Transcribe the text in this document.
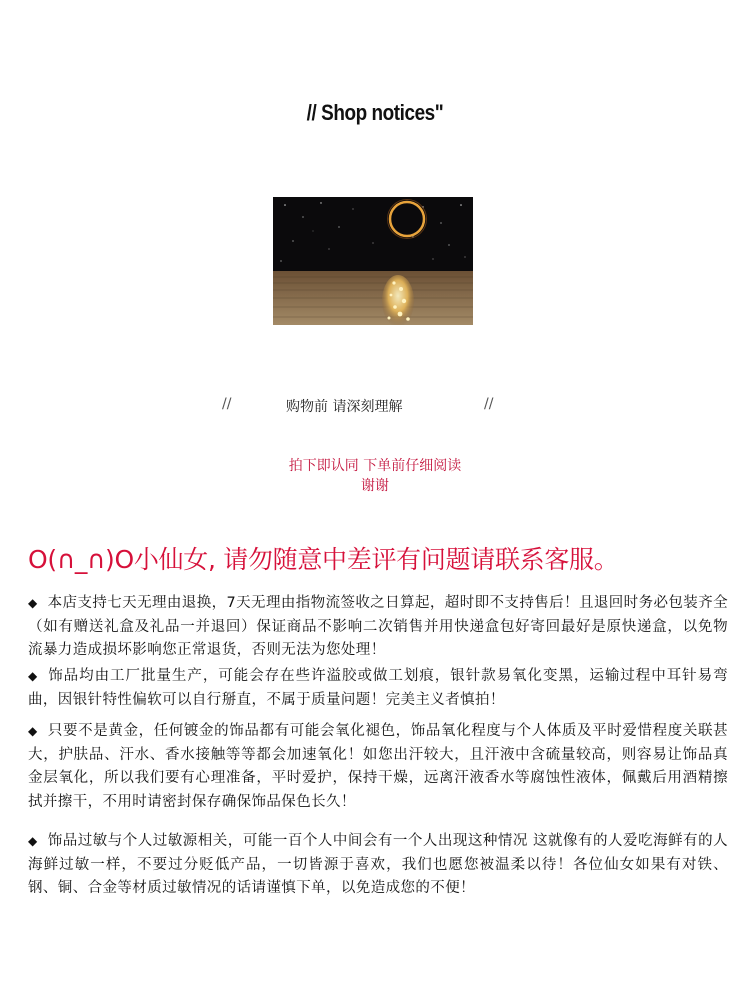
// Shop notices"
//	购物前 请深刻理解	//
拍下即认同 下单前仔细阅读
谢谢
O(∩_∩)O小仙女, 请勿随意中差评有问题请联系客服。
◆ 本店支持七天无理由退换，7天无理由指物流签收之日算起，超时即不支持售后！且退回时务必包装齐全（如有赠送礼盒及礼品一并退回）保证商品不影响二次销售并用快递盒包好寄回最好是原快递盒，以免物流暴力造成损坏影响您正常退货，否则无法为您处理！
◆ 饰品均由工厂批量生产，可能会存在些许溢胶或做工划痕，银针款易氧化变黑，运输过程中耳针易弯曲，因银针特性偏软可以自行掰直，不属于质量问题！完美主义者慎拍！
◆ 只要不是黄金，任何镀金的饰品都有可能会氧化褪色，饰品氧化程度与个人体质及平时爱惜程度关联甚大，护肤品、汗水、香水接触等等都会加速氧化！如您出汗较大，且汗液中含硫量较高，则容易让饰品真金层氧化，所以我们要有心理准备，平时爱护，保持干燥，远离汗液香水等腐蚀性液体，佩戴后用酒精擦拭并擦干，不用时请密封保存确保饰品保色长久！
◆ 饰品过敏与个人过敏源相关，可能一百个人中间会有一个人出现这种情况 这就像有的人爱吃海鲜有的人海鲜过敏一样，不要过分贬低产品，一切皆源于喜欢，我们也愿您被温柔以待！各位仙女如果有对铁、钢、铜、合金等材质过敏情况的话请谨慎下单，以免造成您的不便！
